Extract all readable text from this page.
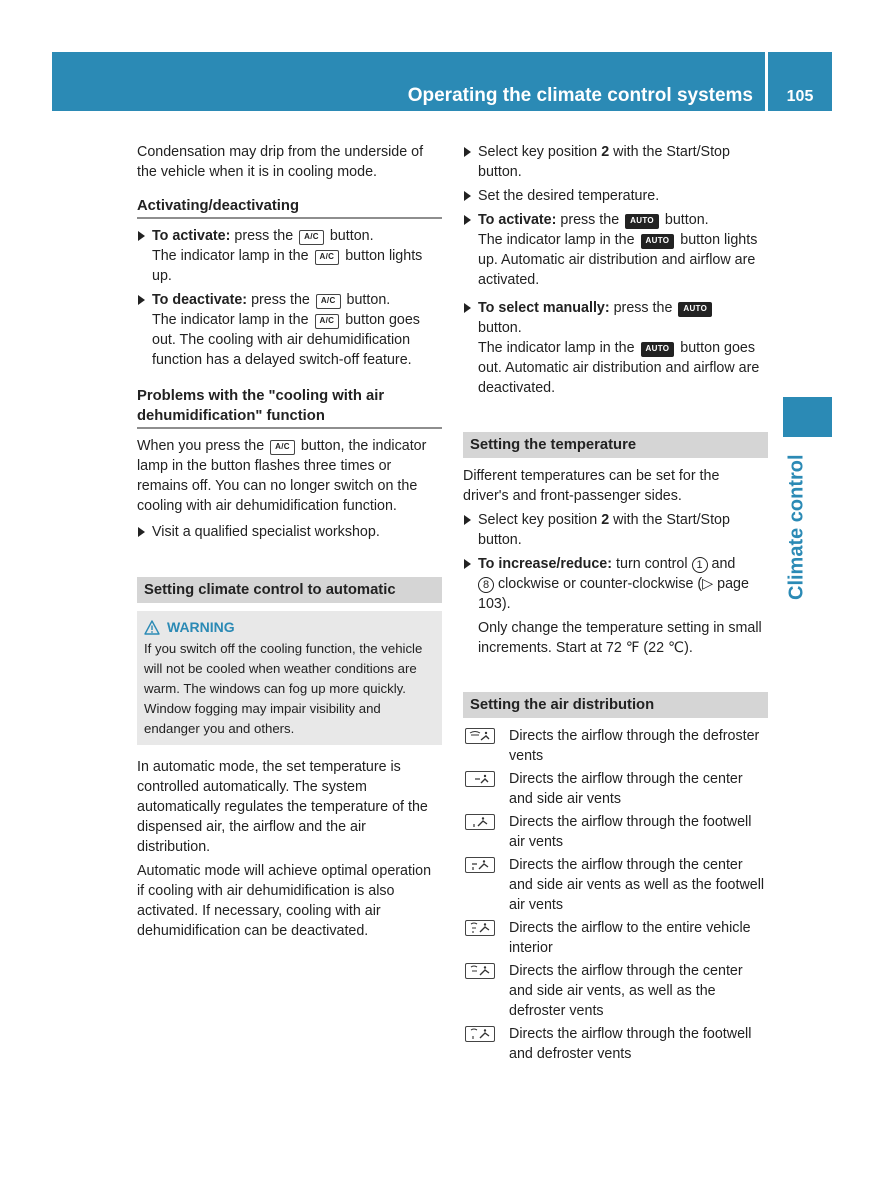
Operating the climate control systems	105
Climate control

Condensation may drip from the underside of the vehicle when it is in cooling mode.

Activating/deactivating
To activate: press the A/C button.
The indicator lamp in the A/C button lights up.
To deactivate: press the A/C button.
The indicator lamp in the A/C button goes out. The cooling with air dehumidification function has a delayed switch-off feature.
Problems with the "cooling with air dehumidification" function

When you press the A/C button, the indicator lamp in the button flashes three times or remains off. You can no longer switch on the cooling with air dehumidification function.

Visit a qualified specialist workshop.
Setting climate control to automatic
WARNING
If you switch off the cooling function, the vehicle will not be cooled when weather conditions are warm. The windows can fog up more quickly. Window fogging may impair visibility and endanger you and others.

In automatic mode, the set temperature is controlled automatically. The system automatically regulates the temperature of the dispensed air, the airflow and the air distribution.

Automatic mode will achieve optimal operation if cooling with air dehumidification is also activated. If necessary, cooling with air dehumidification can be deactivated.

Select key position 2 with the Start/Stop button.
Set the desired temperature.
To activate: press the AUTO button.
The indicator lamp in the AUTO button lights up. Automatic air distribution and airflow are activated.
To select manually: press the AUTO
button.
The indicator lamp in the AUTO button goes out. Automatic air distribution and airflow are deactivated.
Setting the temperature

Different temperatures can be set for the driver's and front-passenger sides.

Select key position 2 with the Start/Stop button.
To increase/reduce: turn control 1 and
8 clockwise or counter-clockwise (▷ page 103).
Only change the temperature setting in small increments. Start at 72 ℉ (22 ℃).
Setting the air distribution
Directs the airflow through the defroster vents
Directs the airflow through the center and side air vents
Directs the airflow through the footwell air vents
Directs the airflow through the center and side air vents as well as the footwell air vents
Directs the airflow to the entire vehicle interior
Directs the airflow through the center and side air vents, as well as the defroster vents
Directs the airflow through the footwell and defroster vents
